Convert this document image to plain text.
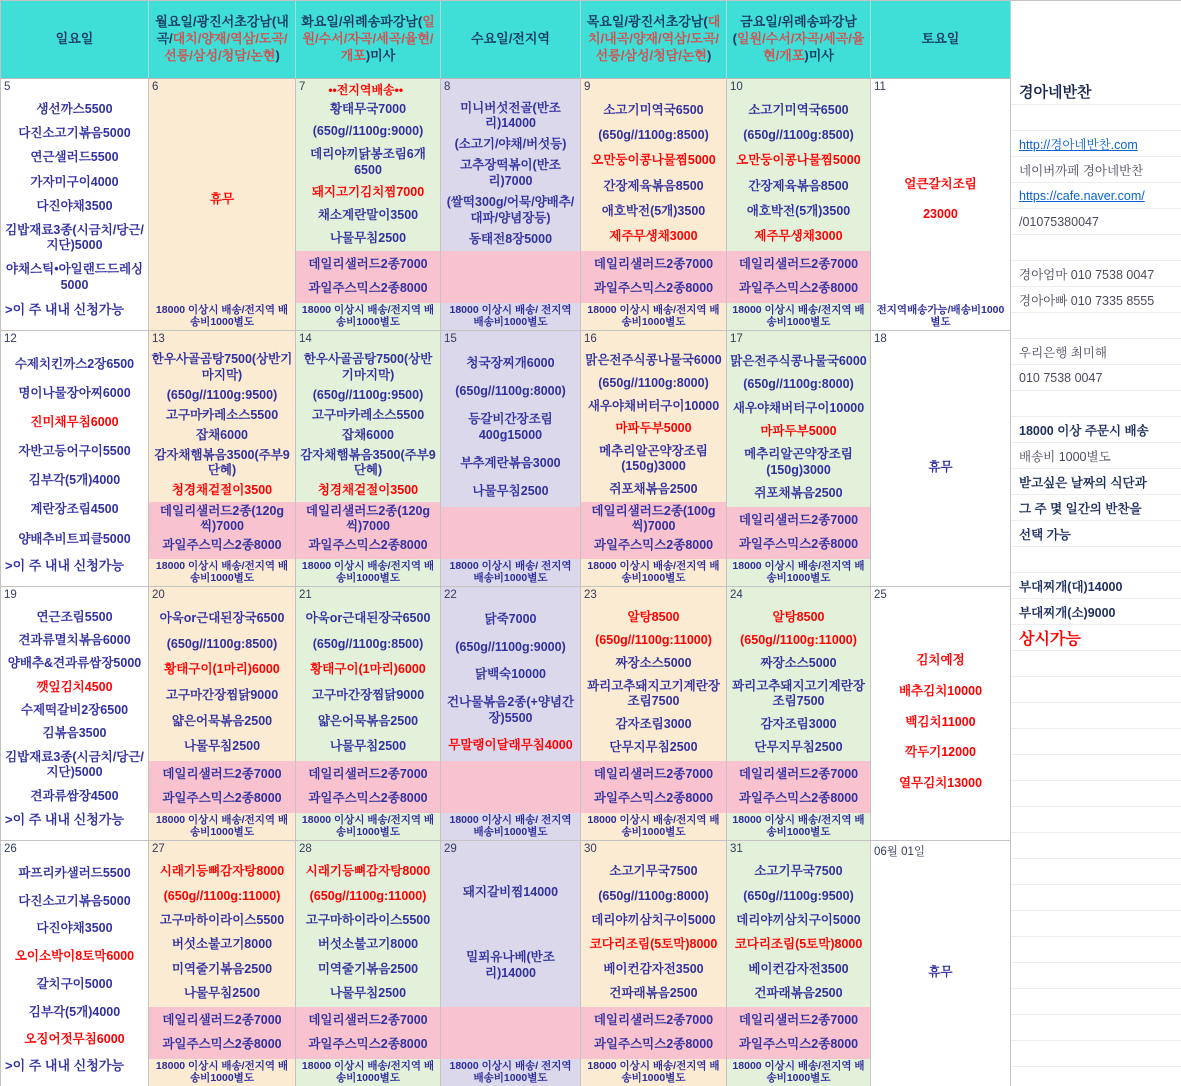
일요일
월요일/광진서초강남(내곡/대치/양재/역삼/도곡/선릉/삼성/청담/논현)
화요일/위례송파강남(일원/수서/자곡/세곡/율현/개포)미사
수요일/전지역
목요일/광진서초강남(대치/내곡/양재/역삼/도곡/선릉/삼성/청담/논현)
금요일/위례송파강남(일원/수서/자곡/세곡/율현/개포)미사
토요일
5
생선까스5500
다진소고기볶음5000
연근샐러드5500
가자미구이4000
다진야채3500
김밥재료3종(시금치/당근/지단)5000
야채스틱•아일랜드드레싱5000
>이 주 내내 신청가능
6
휴무
18000 이상시 배송/전지역 배송비1000별도
7	••전지역배송••
황태무국7000
(650g//1100g:9000)
데리야끼닭봉조림6개6500
돼지고기김치찜7000
채소계란말이3500
나물무침2500
데일리샐러드2종7000
과일주스믹스2종8000
18000 이상시 배송/전지역 배송비1000별도
8
미니버섯전골(반조리)14000
(소고기/야채/버섯등)
고추장떡볶이(반조리)7000
(쌀떡300g/어묵/양배추/대파/양념장등)
동태전8장5000
18000 이상시 배송/ 전지역 배송비1000별도
9
소고기미역국6500
(650g//1100g:8500)
오만둥이콩나물찜5000
간장제육볶음8500
애호박전(5개)3500
제주무생채3000
데일리샐러드2종7000
과일주스믹스2종8000
18000 이상시 배송/전지역 배송비1000별도
10
소고기미역국6500
(650g//1100g:8500)
오만둥이콩나물찜5000
간장제육볶음8500
애호박전(5개)3500
제주무생채3000
데일리샐러드2종7000
과일주스믹스2종8000
18000 이상시 배송/전지역 배송비1000별도
11
얼큰갈치조림
23000
전지역배송가능/배송비1000별도
12
수제치킨까스2장6500
명이나물장아찌6000
진미채무침6000
자반고등어구이5500
김부각(5개)4000
계란장조림4500
양배추비트피클5000
>이 주 내내 신청가능
13
한우사골곰탕7500(상반기마지막)
(650g//1100g:9500)
고구마카레소스5500
잡채6000
감자채햄볶음3500(주부9단혜)
청경채겉절이3500
데일리샐러드2종(120g씩)7000
과일주스믹스2종8000
18000 이상시 배송/전지역 배송비1000별도
14
한우사골곰탕7500(상반기마지막)
(650g//1100g:9500)
고구마카레소스5500
잡채6000
감자채햄볶음3500(주부9단혜)
청경채겉절이3500
데일리샐러드2종(120g씩)7000
과일주스믹스2종8000
18000 이상시 배송/전지역 배송비1000별도
15
청국장찌개6000
(650g//1100g:8000)
등갈비간장조림400g15000
부추계란볶음3000
나물무침2500
18000 이상시 배송/ 전지역 배송비1000별도
16
맑은전주식콩나물국6000
(650g//1100g:8000)
새우야채버터구이10000
마파두부5000
메추리알곤약장조림(150g)3000
쥐포채볶음2500
데일리샐러드2종(100g씩)7000
과일주스믹스2종8000
18000 이상시 배송/전지역 배송비1000별도
17
맑은전주식콩나물국6000
(650g//1100g:8000)
새우야채버터구이10000
마파두부5000
메추리알곤약장조림(150g)3000
쥐포채볶음2500
데일리샐러드2종7000
과일주스믹스2종8000
18000 이상시 배송/전지역 배송비1000별도
18
휴무
19
연근조림5500
견과류멸치볶음6000
양배추&견과류쌈장5000
깻잎김치4500
수제떡갈비2장6500
김볶음3500
김밥재료3종(시금치/당근/지단)5000
견과류쌈장4500
>이 주 내내 신청가능
20
아욱or근대된장국6500
(650g//1100g:8500)
황태구이(1마리)6000
고구마간장찜닭9000
얇은어묵볶음2500
나물무침2500
데일리샐러드2종7000
과일주스믹스2종8000
18000 이상시 배송/전지역 배송비1000별도
21
아욱or근대된장국6500
(650g//1100g:8500)
황태구이(1마리)6000
고구마간장찜닭9000
얇은어묵볶음2500
나물무침2500
데일리샐러드2종7000
과일주스믹스2종8000
18000 이상시 배송/전지역 배송비1000별도
22
닭죽7000
(650g//1100g:9000)
닭백숙10000
건나물볶음2종(+양념간장)5500
무말랭이달래무침4000
18000 이상시 배송/ 전지역 배송비1000별도
23
알탕8500
(650g//1100g:11000)
짜장소스5000
꽈리고추돼지고기계란장조림7500
감자조림3000
단무지무침2500
데일리샐러드2종7000
과일주스믹스2종8000
18000 이상시 배송/전지역 배송비1000별도
24
알탕8500
(650g//1100g:11000)
짜장소스5000
꽈리고추돼지고기계란장조림7500
감자조림3000
단무지무침2500
데일리샐러드2종7000
과일주스믹스2종8000
18000 이상시 배송/전지역 배송비1000별도
25
김치예정
배추김치10000
백김치11000
깍두기12000
열무김치13000
26
파프리카샐러드5500
다진소고기볶음5000
다진야채3500
오이소박이8토막6000
갈치구이5000
김부각(5개)4000
오징어젓무침6000
>이 주 내내 신청가능
27
시래기등뼈감자탕8000
(650g//1100g:11000)
고구마하이라이스5500
버섯소불고기8000
미역줄기볶음2500
나물무침2500
데일리샐러드2종7000
과일주스믹스2종8000
18000 이상시 배송/전지역 배송비1000별도
28
시래기등뼈감자탕8000
(650g//1100g:11000)
고구마하이라이스5500
버섯소불고기8000
미역줄기볶음2500
나물무침2500
데일리샐러드2종7000
과일주스믹스2종8000
18000 이상시 배송/전지역 배송비1000별도
29
돼지갈비찜14000
밀푀유나베(반조리)14000
18000 이상시 배송/ 전지역 배송비1000별도
30
소고기무국7500
(650g//1100g:8000)
데리야끼삼치구이5000
코다리조림(5토막)8000
베이컨감자전3500
건파래볶음2500
데일리샐러드2종7000
과일주스믹스2종8000
18000 이상시 배송/전지역 배송비1000별도
31
소고기무국7500
(650g//1100g:9500)
데리야끼삼치구이5000
코다리조림(5토막)8000
베이컨감자전3500
건파래볶음2500
데일리샐러드2종7000
과일주스믹스2종8000
18000 이상시 배송/전지역 배송비1000별도
06월 01일
휴무
경아네반찬
http://경아네반찬.com
네이버까페 경아네반찬
https://cafe.naver.com/
/01075380047
경아엄마 010 7538 0047
경아아빠 010 7335 8555
우리은행 최미해
010 7538 0047
18000 이상 주문시 배송
배송비 1000별도
받고싶은 날짜의 식단과
그 주 몇 일간의 반찬을
선택 가능
부대찌개(대)14000
부대찌개(소)9000
상시가능
